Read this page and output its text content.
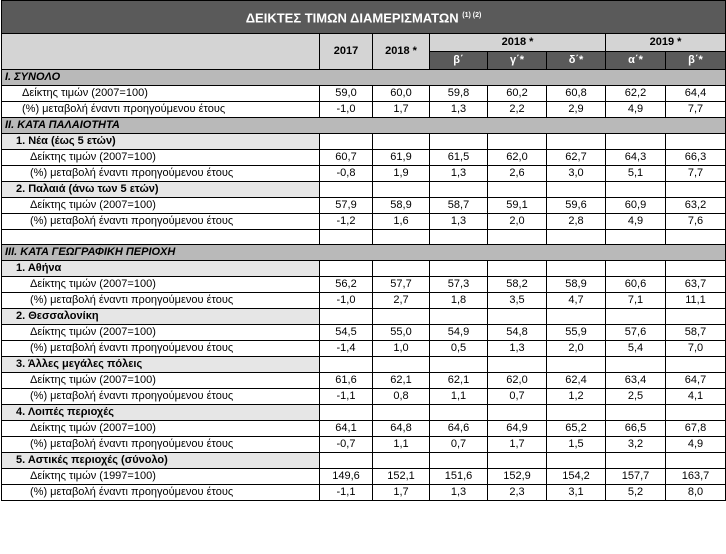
ΔΕΙΚΤΕΣ ΤΙΜΩΝ ΔΙΑΜΕΡΙΣΜΑΤΩΝ $^{(1) (2)}$
	2017	2018 *	2018 *			2019 *	
			β΄	γ΄*	δ΄*	α΄*	β΄*
I. ΣΥΝΟΛΟ							
Δείκτης τιμών (2007=100)	59,0	60,0	59,8	60,2	60,8	62,2	64,4
(%) μεταβολή έναντι προηγούμενου έτους	-1,0	1,7	1,3	2,2	2,9	4,9	7,7
II. ΚΑΤΑ ΠΑΛΑΙΟΤΗΤΑ							
1. Νέα (έως 5 ετών)							
Δείκτης τιμών (2007=100)	60,7	61,9	61,5	62,0	62,7	64,3	66,3
(%) μεταβολή έναντι προηγούμενου έτους	-0,8	1,9	1,3	2,6	3,0	5,1	7,7
2. Παλαιά (άνω των 5 ετών)							
Δείκτης τιμών (2007=100)	57,9	58,9	58,7	59,1	59,6	60,9	63,2
(%) μεταβολή έναντι προηγούμενου έτους	-1,2	1,6	1,3	2,0	2,8	4,9	7,6

III. ΚΑΤΑ ΓΕΩΓΡΑΦΙΚΗ ΠΕΡΙΟΧΗ							
1. Αθήνα							
Δείκτης τιμών (2007=100)	56,2	57,7	57,3	58,2	58,9	60,6	63,7
(%) μεταβολή έναντι προηγούμενου έτους	-1,0	2,7	1,8	3,5	4,7	7,1	11,1
2. Θεσσαλονίκη							
Δείκτης τιμών (2007=100)	54,5	55,0	54,9	54,8	55,9	57,6	58,7
(%) μεταβολή έναντι προηγούμενου έτους	-1,4	1,0	0,5	1,3	2,0	5,4	7,0
3. Άλλες μεγάλες πόλεις							
Δείκτης τιμών (2007=100)	61,6	62,1	62,1	62,0	62,4	63,4	64,7
(%) μεταβολή έναντι προηγούμενου έτους	-1,1	0,8	1,1	0,7	1,2	2,5	4,1
4. Λοιπές περιοχές							
Δείκτης τιμών (2007=100)	64,1	64,8	64,6	64,9	65,2	66,5	67,8
(%) μεταβολή έναντι προηγούμενου έτους	-0,7	1,1	0,7	1,7	1,5	3,2	4,9
5. Αστικές περιοχές (σύνολο)							
Δείκτης τιμών (1997=100)	149,6	152,1	151,6	152,9	154,2	157,7	163,7
(%) μεταβολή έναντι προηγούμενου έτους	-1,1	1,7	1,3	2,3	3,1	5,2	8,0
